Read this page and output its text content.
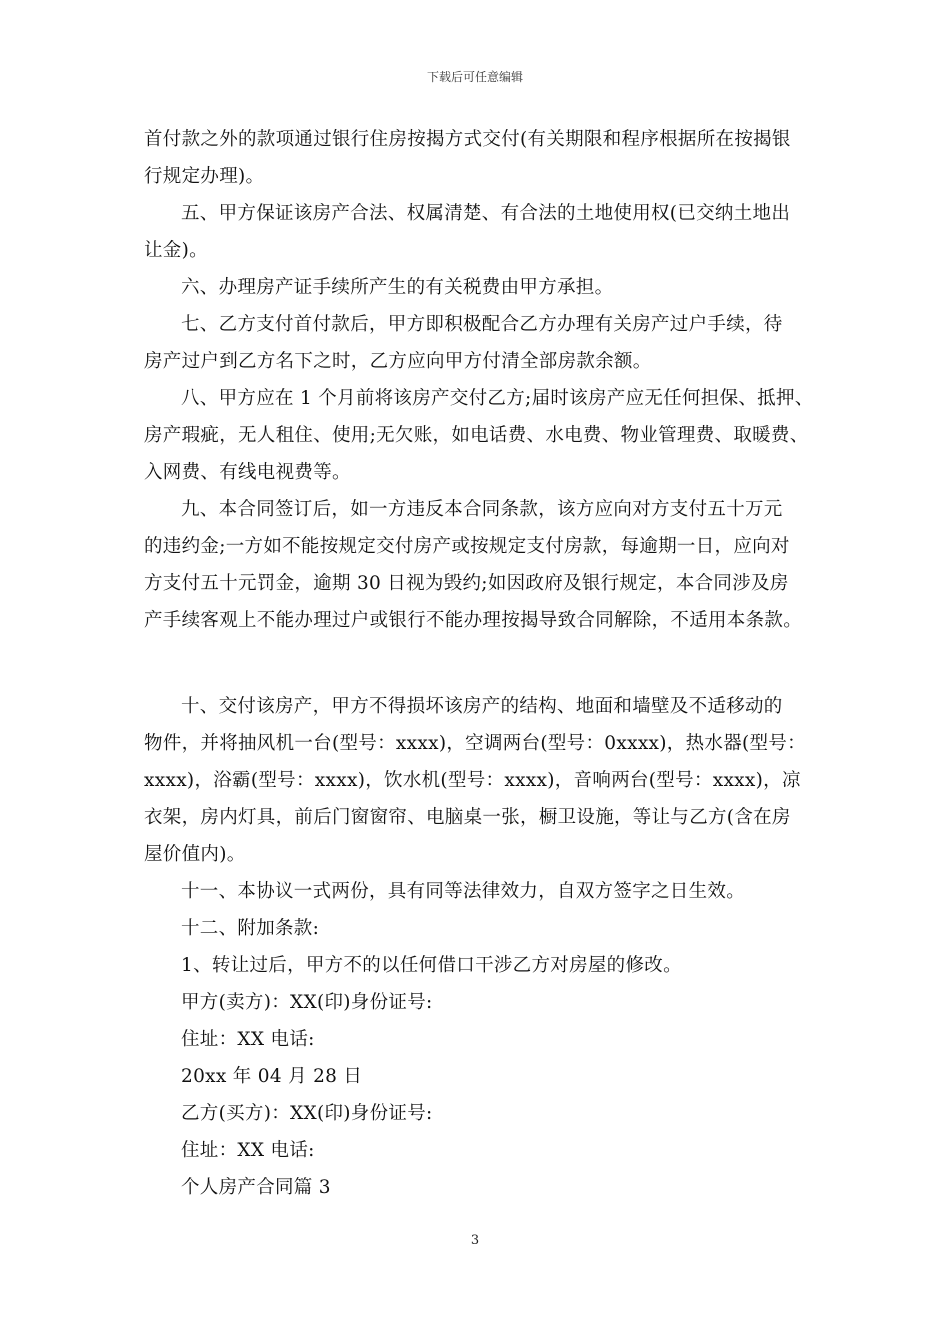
下载后可任意编辑
首付款之外的款项通过银行住房按揭方式交付(有关期限和程序根据所在按揭银
行规定办理)。
五、甲方保证该房产合法、权属清楚、有合法的土地使用权(已交纳土地出
让金)。
六、办理房产证手续所产生的有关税费由甲方承担。
七、乙方支付首付款后，甲方即积极配合乙方办理有关房产过户手续，待
房产过户到乙方名下之时，乙方应向甲方付清全部房款余额。
八、甲方应在 1 个月前将该房产交付乙方;届时该房产应无任何担保、抵押、
房产瑕疵，无人租住、使用;无欠账，如电话费、水电费、物业管理费、取暖费、
入网费、有线电视费等。
九、本合同签订后，如一方违反本合同条款，该方应向对方支付五十万元
的违约金;一方如不能按规定交付房产或按规定支付房款，每逾期一日，应向对
方支付五十元罚金，逾期 30 日视为毁约;如因政府及银行规定，本合同涉及房
产手续客观上不能办理过户或银行不能办理按揭导致合同解除，不适用本条款。
十、交付该房产，甲方不得损坏该房产的结构、地面和墙壁及不适移动的
物件，并将抽风机一台(型号：xxxx)，空调两台(型号：0xxxx)，热水器(型号：
xxxx)，浴霸(型号：xxxx)，饮水机(型号：xxxx)，音响两台(型号：xxxx)，凉
衣架，房内灯具，前后门窗窗帘、电脑桌一张，橱卫设施，等让与乙方(含在房
屋价值内)。
十一、本协议一式两份，具有同等法律效力，自双方签字之日生效。
十二、附加条款:
1、转让过后，甲方不的以任何借口干涉乙方对房屋的修改。
甲方(卖方)：XX(印)身份证号:
住址：XX 电话:
20xx 年 04 月 28 日
乙方(买方)：XX(印)身份证号:
住址：XX 电话:
个人房产合同篇 3
3
